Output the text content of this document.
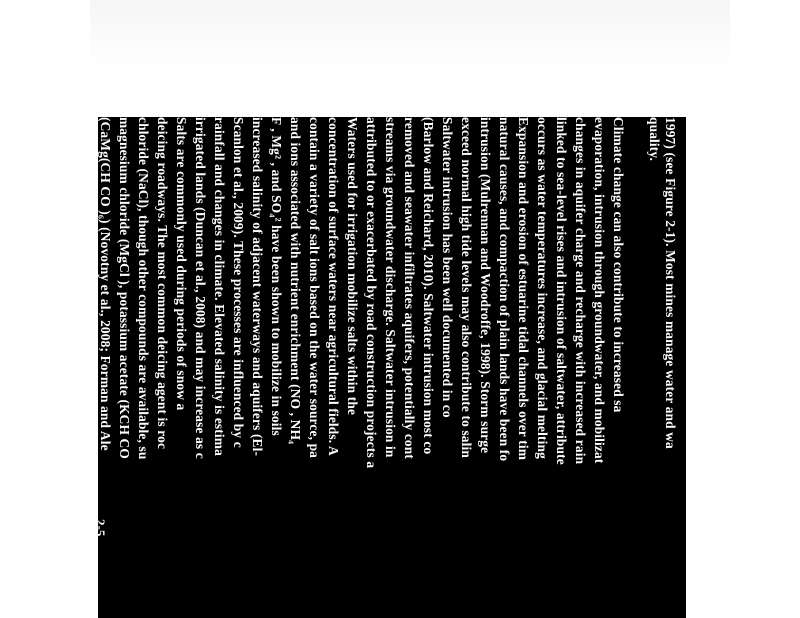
1997) (see Figure 2-1). Most mines manage water and wa
quality.
Climate change can also contribute to increased sa
evaporation, intrusion through groundwater, and mobilizat
changes in aquifer charge and recharge with increased rain
linked to sea-level rises and intrusion of saltwater, attribute
occurs as water temperatures increase, and glacial melting
Expansion and erosion of estuarine tidal channels over tim
natural causes, and compaction of plain lands have been fo
intrusion (Mulrennan and Woodroffe, 1998). Storm surge
exceed normal high tide levels may also contribute to salin
Saltwater intrusion has been well documented in co
(Barlow and Reichard, 2010). Saltwater intrusion most co
removed and seawater infiltrates aquifers, potentially cont
streams via groundwater discharge. Saltwater intrusion in
attributed to or exacerbated by road construction projects a
Waters used for irrigation mobilize salts within the
concentration of surface waters near agricultural fields. A
contain a variety of salt ions based on the water source, pa
and ions associated with nutrient enrichment (NO , NH₄
F , Mg² , and SO₄² have been shown to mobilize in soils
increased salinity of adjacent waterways and aquifers (El-
Scanlon et al., 2009). These processes are influenced by c
rainfall and changes in climate. Elevated salinity is estima
irrigated lands (Duncan et al., 2008) and may increase as c
Salts are commonly used during periods of snow a
deicing roadways. The most common deicing agent is roc
chloride (NaCl), though other compounds are available, su
magnesium chloride (MgCl ), potassium acetate (KCH CO
(CaMg(CH CO )₆) (Novotny et al., 2008; Forman and Ale
snow and ice covered roads has increased salt usage in the
2-5
